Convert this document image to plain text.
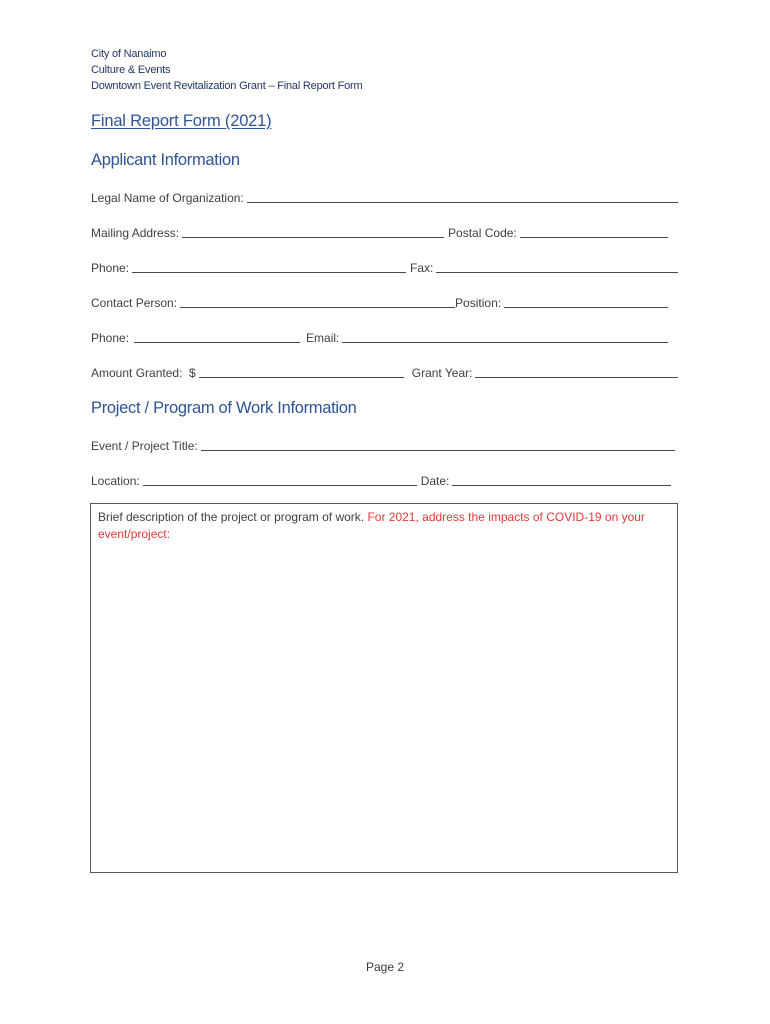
City of Nanaimo
Culture & Events
Downtown Event Revitalization Grant – Final Report Form
Final Report Form (2021)
Applicant Information
Legal Name of Organization:
Mailing Address:	Postal Code:
Phone:	Fax:
Contact Person:	Position:
Phone:	Email:
Amount Granted:  $	Grant Year:
Project / Program of Work Information
Event / Project Title:
Location:	Date:
Brief description of the project or program of work. For 2021, address the impacts of COVID-19 on your event/project:
Page 2
